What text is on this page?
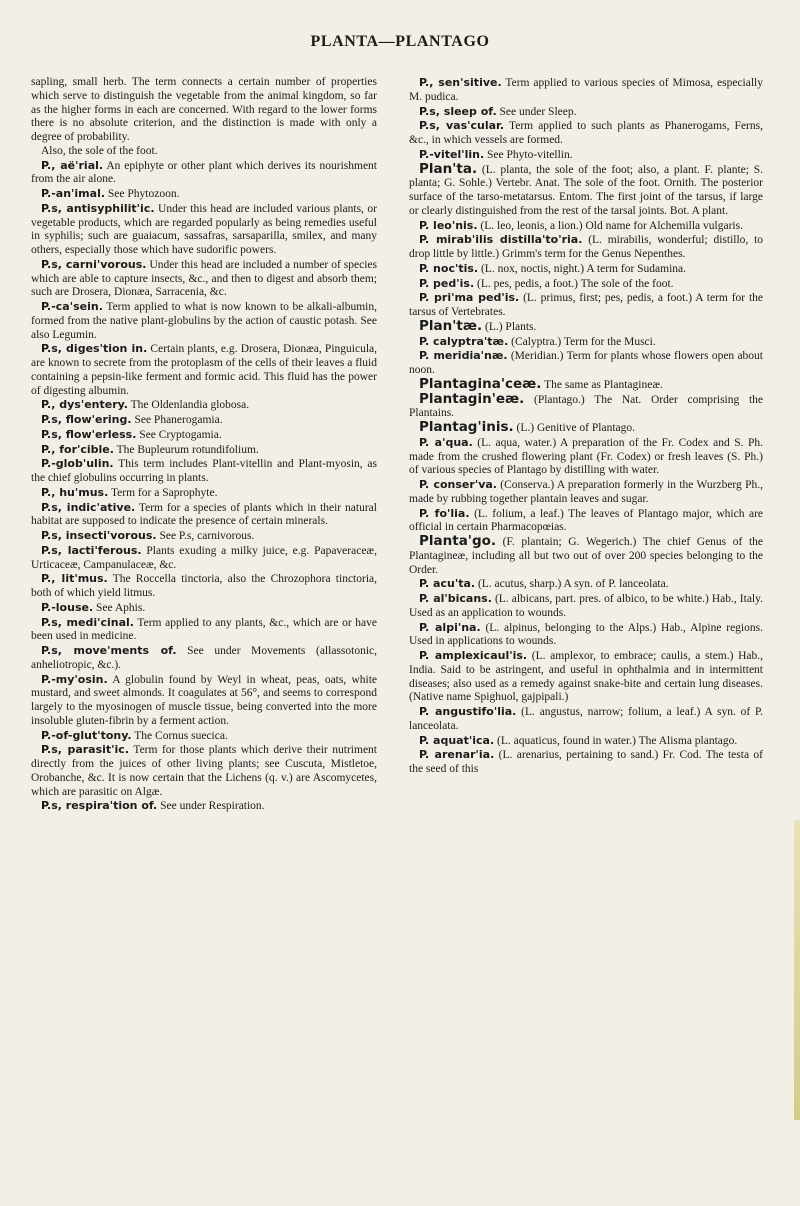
PLANTA—PLANTAGO

sapling, small herb. The term connects a certain number of properties which serve to distinguish the vegetable from the animal kingdom, so far as the higher forms in each are concerned. With regard to the lower forms there is no absolute criterion, and the distinction is made with only a degree of probability.

Also, the sole of the foot.

P., aë'rial. An epiphyte or other plant which derives its nourishment from the air alone.

P.-an'imal. See Phytozoon.

P.s, antisyphilit'ic. Under this head are included various plants, or vegetable products, which are regarded popularly as being remedies useful in syphilis; such are guaiacum, sassafras, sarsaparilla, smilex, and many others, especially those which have sudorific powers.

P.s, carni'vorous. Under this head are included a number of species which are able to capture insects, &c., and then to digest and absorb them; such are Drosera, Dionæa, Sarracenia, &c.

P.-ca'sein. Term applied to what is now known to be alkali-albumin, formed from the native plant-globulins by the action of caustic potash. See also Legumin.

P.s, diges'tion in. Certain plants, e.g. Drosera, Dionæa, Pinguicula, are known to secrete from the protoplasm of the cells of their leaves a fluid containing a pepsin-like ferment and formic acid. This fluid has the power of digesting albumin.

P., dys'entery. The Oldenlandia globosa.

P.s, flow'ering. See Phanerogamia.

P.s, flow'erless. See Cryptogamia.

P., for'cible. The Bupleurum rotundifolium.

P.-glob'ulin. This term includes Plant-vitellin and Plant-myosin, as the chief globulins occurring in plants.

P., hu'mus. Term for a Saprophyte.

P.s, indic'ative. Term for a species of plants which in their natural habitat are supposed to indicate the presence of certain minerals.

P.s, insecti'vorous. See P.s, carnivorous.

P.s, lacti'ferous. Plants exuding a milky juice, e.g. Papaveraceæ, Urticaceæ, Campanulaceæ, &c.

P., lit'mus. The Roccella tinctoria, also the Chrozophora tinctoria, both of which yield litmus.

P.-louse. See Aphis.

P.s, medi'cinal. Term applied to any plants, &c., which are or have been used in medicine.

P.s, move'ments of. See under Movements (allassotonic, anheliotropic, &c.).

P.-my'osin. A globulin found by Weyl in wheat, peas, oats, white mustard, and sweet almonds. It coagulates at 56°, and seems to correspond largely to the myosinogen of muscle tissue, being converted into the more insoluble gluten-fibrin by a ferment action.

P.-of-glut'tony. The Cornus suecica.

P.s, parasit'ic. Term for those plants which derive their nutriment directly from the juices of other living plants; see Cuscuta, Mistletoe, Orobanche, &c. It is now certain that the Lichens (q. v.) are Ascomycetes, which are parasitic on Algæ.

P.s, respira'tion of. See under Respiration.

P., sen'sitive. Term applied to various species of Mimosa, especially M. pudica.

P.s, sleep of. See under Sleep.

P.s, vas'cular. Term applied to such plants as Phanerogams, Ferns, &c., in which vessels are formed.

P.-vitel'lin. See Phyto-vitellin.

Plan'ta. (L. planta, the sole of the foot; also, a plant. F. plante; S. planta; G. Sohle.) Vertebr. Anat. The sole of the foot. Ornith. The posterior surface of the tarso-metatarsus. Entom. The first joint of the tarsus, if large or clearly distinguished from the rest of the tarsal joints. Bot. A plant.

P. leo'nis. (L. leo, leonis, a lion.) Old name for Alchemilla vulgaris.

P. mirab'ilis distilla'to'ria. (L. mirabilis, wonderful; distillo, to drop little by little.) Grimm's term for the Genus Nepenthes.

P. noc'tis. (L. nox, noctis, night.) A term for Sudamina.

P. ped'is. (L. pes, pedis, a foot.) The sole of the foot.

P. pri'ma ped'is. (L. primus, first; pes, pedis, a foot.) A term for the tarsus of Vertebrates.

Plan'tæ. (L.) Plants.

P. calyptra'tæ. (Calyptra.) Term for the Musci.

P. meridia'næ. (Meridian.) Term for plants whose flowers open about noon.

Plantagina'ceæ. The same as Plantagineæ.

Plantagin'eæ. (Plantago.) The Nat. Order comprising the Plantains.

Plantag'inis. (L.) Genitive of Plantago.

P. a'qua. (L. aqua, water.) A preparation of the Fr. Codex and S. Ph. made from the crushed flowering plant (Fr. Codex) or fresh leaves (S. Ph.) of various species of Plantago by distilling with water.

P. conser'va. (Conserva.) A preparation formerly in the Wurzberg Ph., made by rubbing together plantain leaves and sugar.

P. fo'lia. (L. folium, a leaf.) The leaves of Plantago major, which are official in certain Pharmacopœias.

Planta'go. (F. plantain; G. Wegerich.) The chief Genus of the Plantagineæ, including all but two out of over 200 species belonging to the Order.

P. acu'ta. (L. acutus, sharp.) A syn. of P. lanceolata.

P. al'bicans. (L. albicans, part. pres. of albico, to be white.) Hab., Italy. Used as an application to wounds.

P. alpi'na. (L. alpinus, belonging to the Alps.) Hab., Alpine regions. Used in applications to wounds.

P. amplexicaul'is. (L. amplexor, to embrace; caulis, a stem.) Hab., India. Said to be astringent, and useful in ophthalmia and in intermittent diseases; also used as a remedy against snake-bite and certain lung diseases. (Native name Spighuol, gajpipali.)

P. angustifo'lia. (L. angustus, narrow; folium, a leaf.) A syn. of P. lanceolata.

P. aquat'ica. (L. aquaticus, found in water.) The Alisma plantago.

P. arenar'ia. (L. arenarius, pertaining to sand.) Fr. Cod. The testa of the seed of this
